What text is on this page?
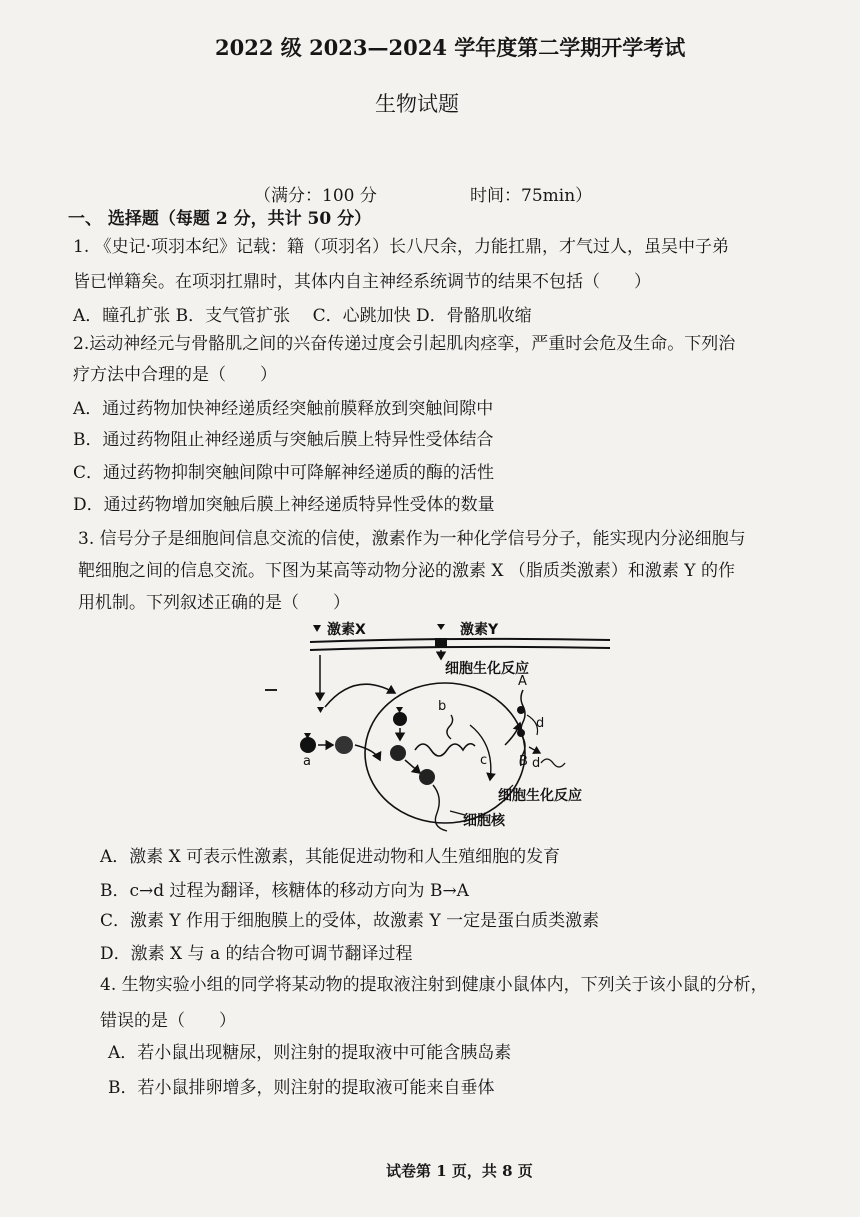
2022 级 2023—2024 学年度第二学期开学考试
生物试题
（满分：100 分	时间：75min）
一、 选择题（每题 2 分，共计 50 分）
1. 《史记·项羽本纪》记载：籍（项羽名）长八尺余，力能扛鼎，才气过人，虽吴中子弟
皆已惮籍矣。在项羽扛鼎时，其体内自主神经系统调节的结果不包括（　　）
A．瞳孔扩张 B．支气管扩张　 C．心跳加快 D．骨骼肌收缩
2.运动神经元与骨骼肌之间的兴奋传递过度会引起肌肉痉挛，严重时会危及生命。下列治
疗方法中合理的是（　　）
A．通过药物加快神经递质经突触前膜释放到突触间隙中
B．通过药物阻止神经递质与突触后膜上特异性受体结合
C．通过药物抑制突触间隙中可降解神经递质的酶的活性
D．通过药物增加突触后膜上神经递质特异性受体的数量
3. 信号分子是细胞间信息交流的信使，激素作为一种化学信号分子，能实现内分泌细胞与
靶细胞之间的信息交流。下图为某高等动物分泌的激素 X （脂质类激素）和激素 Y 的作
用机制。下列叙述正确的是（　　）
激素X	激素Y
细胞生化反应
a
b
c
A
d
B d
细胞生化反应
细胞核
A．激素 X 可表示性激素，其能促进动物和人生殖细胞的发育
B．c→d 过程为翻译，核糖体的移动方向为 B→A
C．激素 Y 作用于细胞膜上的受体，故激素 Y 一定是蛋白质类激素
D．激素 X 与 a 的结合物可调节翻译过程
4. 生物实验小组的同学将某动物的提取液注射到健康小鼠体内，下列关于该小鼠的分析，
错误的是（　　）
A．若小鼠出现糖尿，则注射的提取液中可能含胰岛素
B．若小鼠排卵增多，则注射的提取液可能来自垂体
试卷第 1 页，共 8 页
